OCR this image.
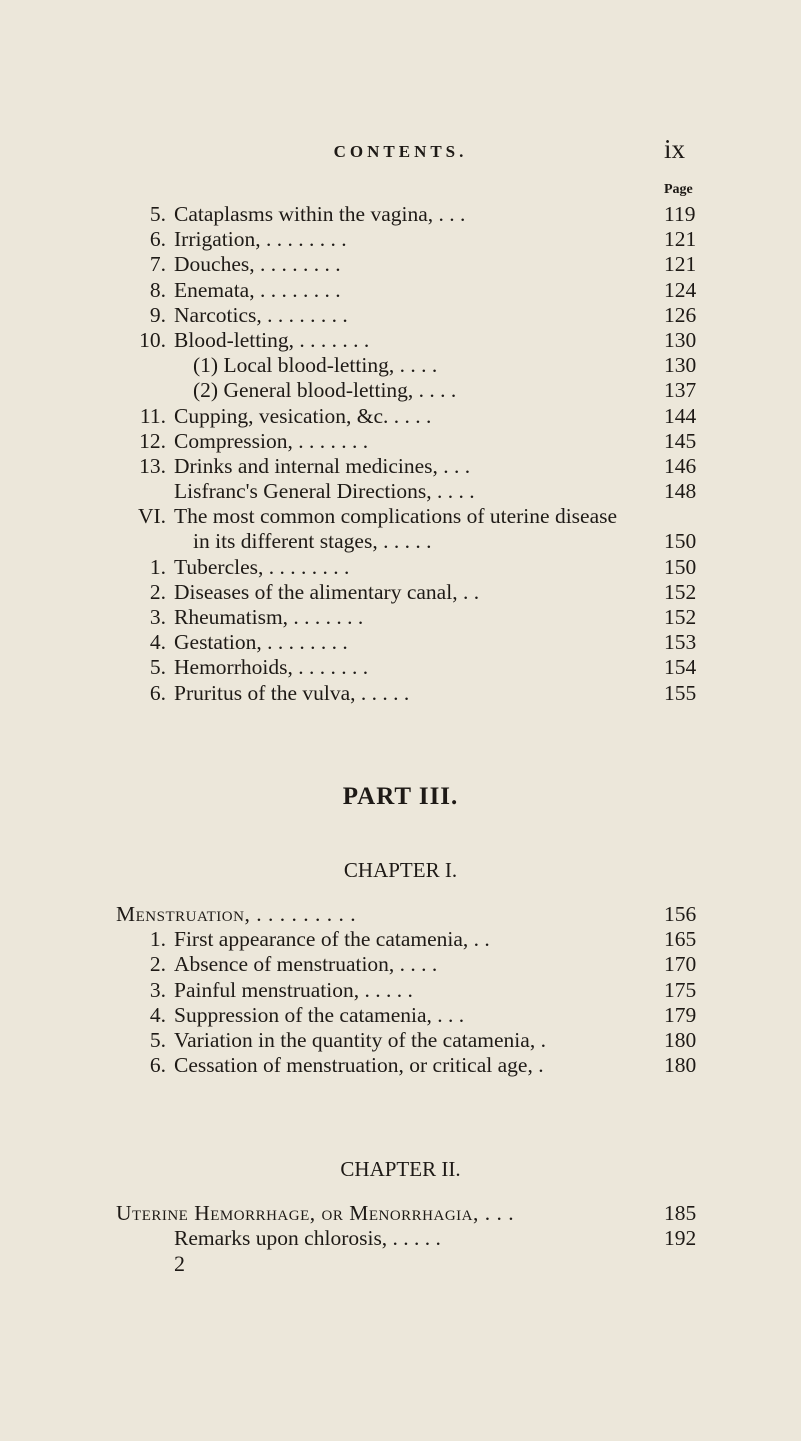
CONTENTS.	ix
Page
5. Cataplasms within the vagina, . . .	119
6. Irrigation, . . . . . . . .	121
7. Douches, . . . . . . . .	121
8. Enemata, . . . . . . . .	124
9. Narcotics, . . . . . . . .	126
10. Blood-letting, . . . . . . .	130
(1) Local blood-letting, . . . .	130
(2) General blood-letting, . . . .	137
11. Cupping, vesication, &c. . . . .	144
12. Compression, . . . . . . .	145
13. Drinks and internal medicines, . . .	146
Lisfranc's General Directions, . . . .	148
VI. The most common complications of uterine disease
in its different stages, . . . . .	150
1. Tubercles, . . . . . . . .	150
2. Diseases of the alimentary canal, . .	152
3. Rheumatism, . . . . . . .	152
4. Gestation, . . . . . . . .	153
5. Hemorrhoids, . . . . . . .	154
6. Pruritus of the vulva, . . . . .	155
PART III.
CHAPTER I.
Menstruation, . . . . . . . . .	156
1. First appearance of the catamenia, . .	165
2. Absence of menstruation, . . . .	170
3. Painful menstruation, . . . . .	175
4. Suppression of the catamenia, . . .	179
5. Variation in the quantity of the catamenia, .	180
6. Cessation of menstruation, or critical age, .	180
CHAPTER II.
Uterine Hemorrhage, or Menorrhagia, . . .	185
Remarks upon chlorosis, . . . . .	192
2
